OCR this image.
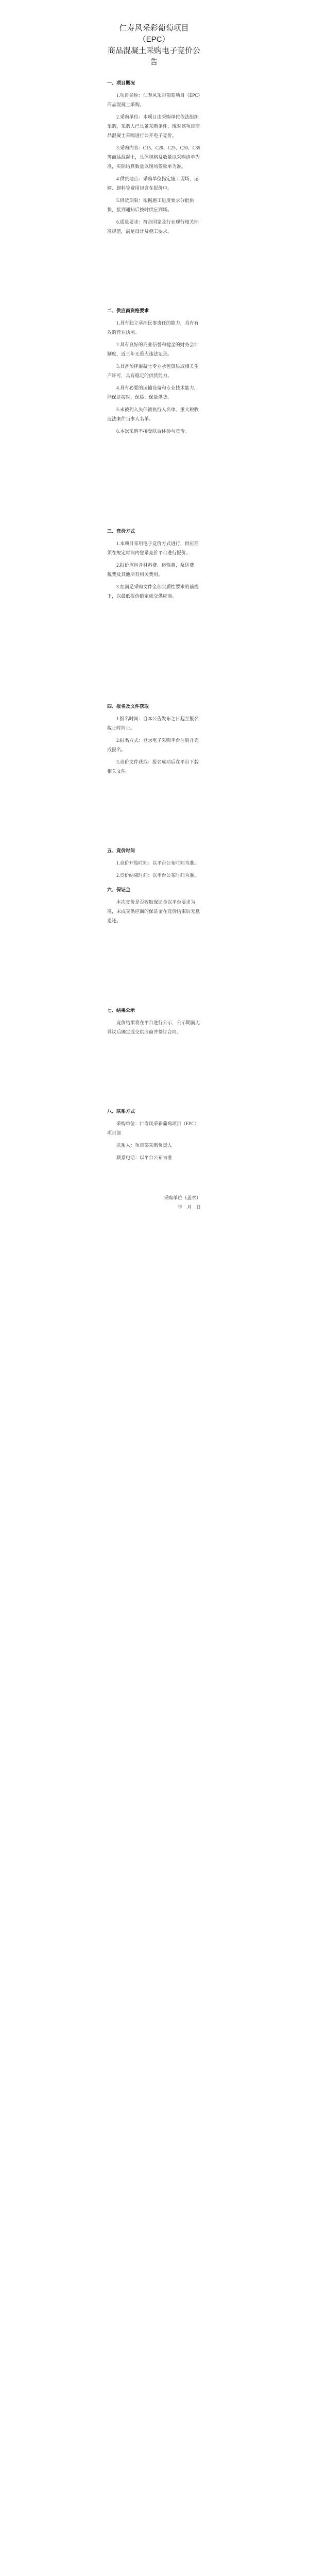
仁寿风采彩葡萄项目（EPC）

商品混凝土采购电子竞价公告

一、项目概况

1.项目名称：仁寿风采彩葡萄项目（EPC）商品混凝土采购。

2.采购单位：本项目由采购单位依法组织采购，采购人已具备采购条件，现对该项目商品混凝土采购进行公开电子竞价。

3.采购内容：C15、C20、C25、C30、C35等商品混凝土，具体规格及数量以采购清单为准，实际结算数量以现场签收单为准。

4.供货地点：采购单位指定施工现场，运输、卸料等费用包含在报价中。

5.供货期限：根据施工进度要求分批供货，接到通知后按时供应到场。

6.质量要求：符合国家及行业现行相关标准规范，满足设计及施工要求。

二、供应商资格要求

1.具有独立承担民事责任的能力，具有有效的营业执照。

2.具有良好的商业信誉和健全的财务会计制度，近三年无重大违法记录。

3.具备预拌混凝土专业承包资质或相关生产许可，具有稳定的供货能力。

4.具有必要的运输设备和专业技术能力，能保证按时、保质、保量供货。

5.未被列入失信被执行人名单、重大税收违法案件当事人名单。

6.本次采购不接受联合体参与竞价。

三、竞价方式

1.本项目采用电子竞价方式进行，供应商须在规定时间内登录竞价平台进行报价。

2.报价应包含材料费、运输费、泵送费、税费及其他所有相关费用。

3.在满足采购文件全部实质性要求的前提下，以最低报价确定成交供应商。

四、报名及文件获取

1.报名时间：自本公告发布之日起至报名截止时间止。

2.报名方式：登录电子采购平台注册并完成报名。

3.竞价文件获取：报名成功后在平台下载相关文件。

五、竞价时间

1.竞价开始时间：以平台公布时间为准。

2.竞价结束时间：以平台公布时间为准。

六、保证金

本次竞价是否收取保证金以平台要求为准，未成交供应商的保证金在竞价结束后无息退还。

七、结果公示

竞价结果将在平台进行公示，公示期满无异议后确定成交供应商并签订合同。

八、联系方式

采购单位：仁寿风采彩葡萄项目（EPC）项目部

联系人：项目部采购负责人

联系电话：以平台公布为准

采购单位（盖章）

年　月　日
